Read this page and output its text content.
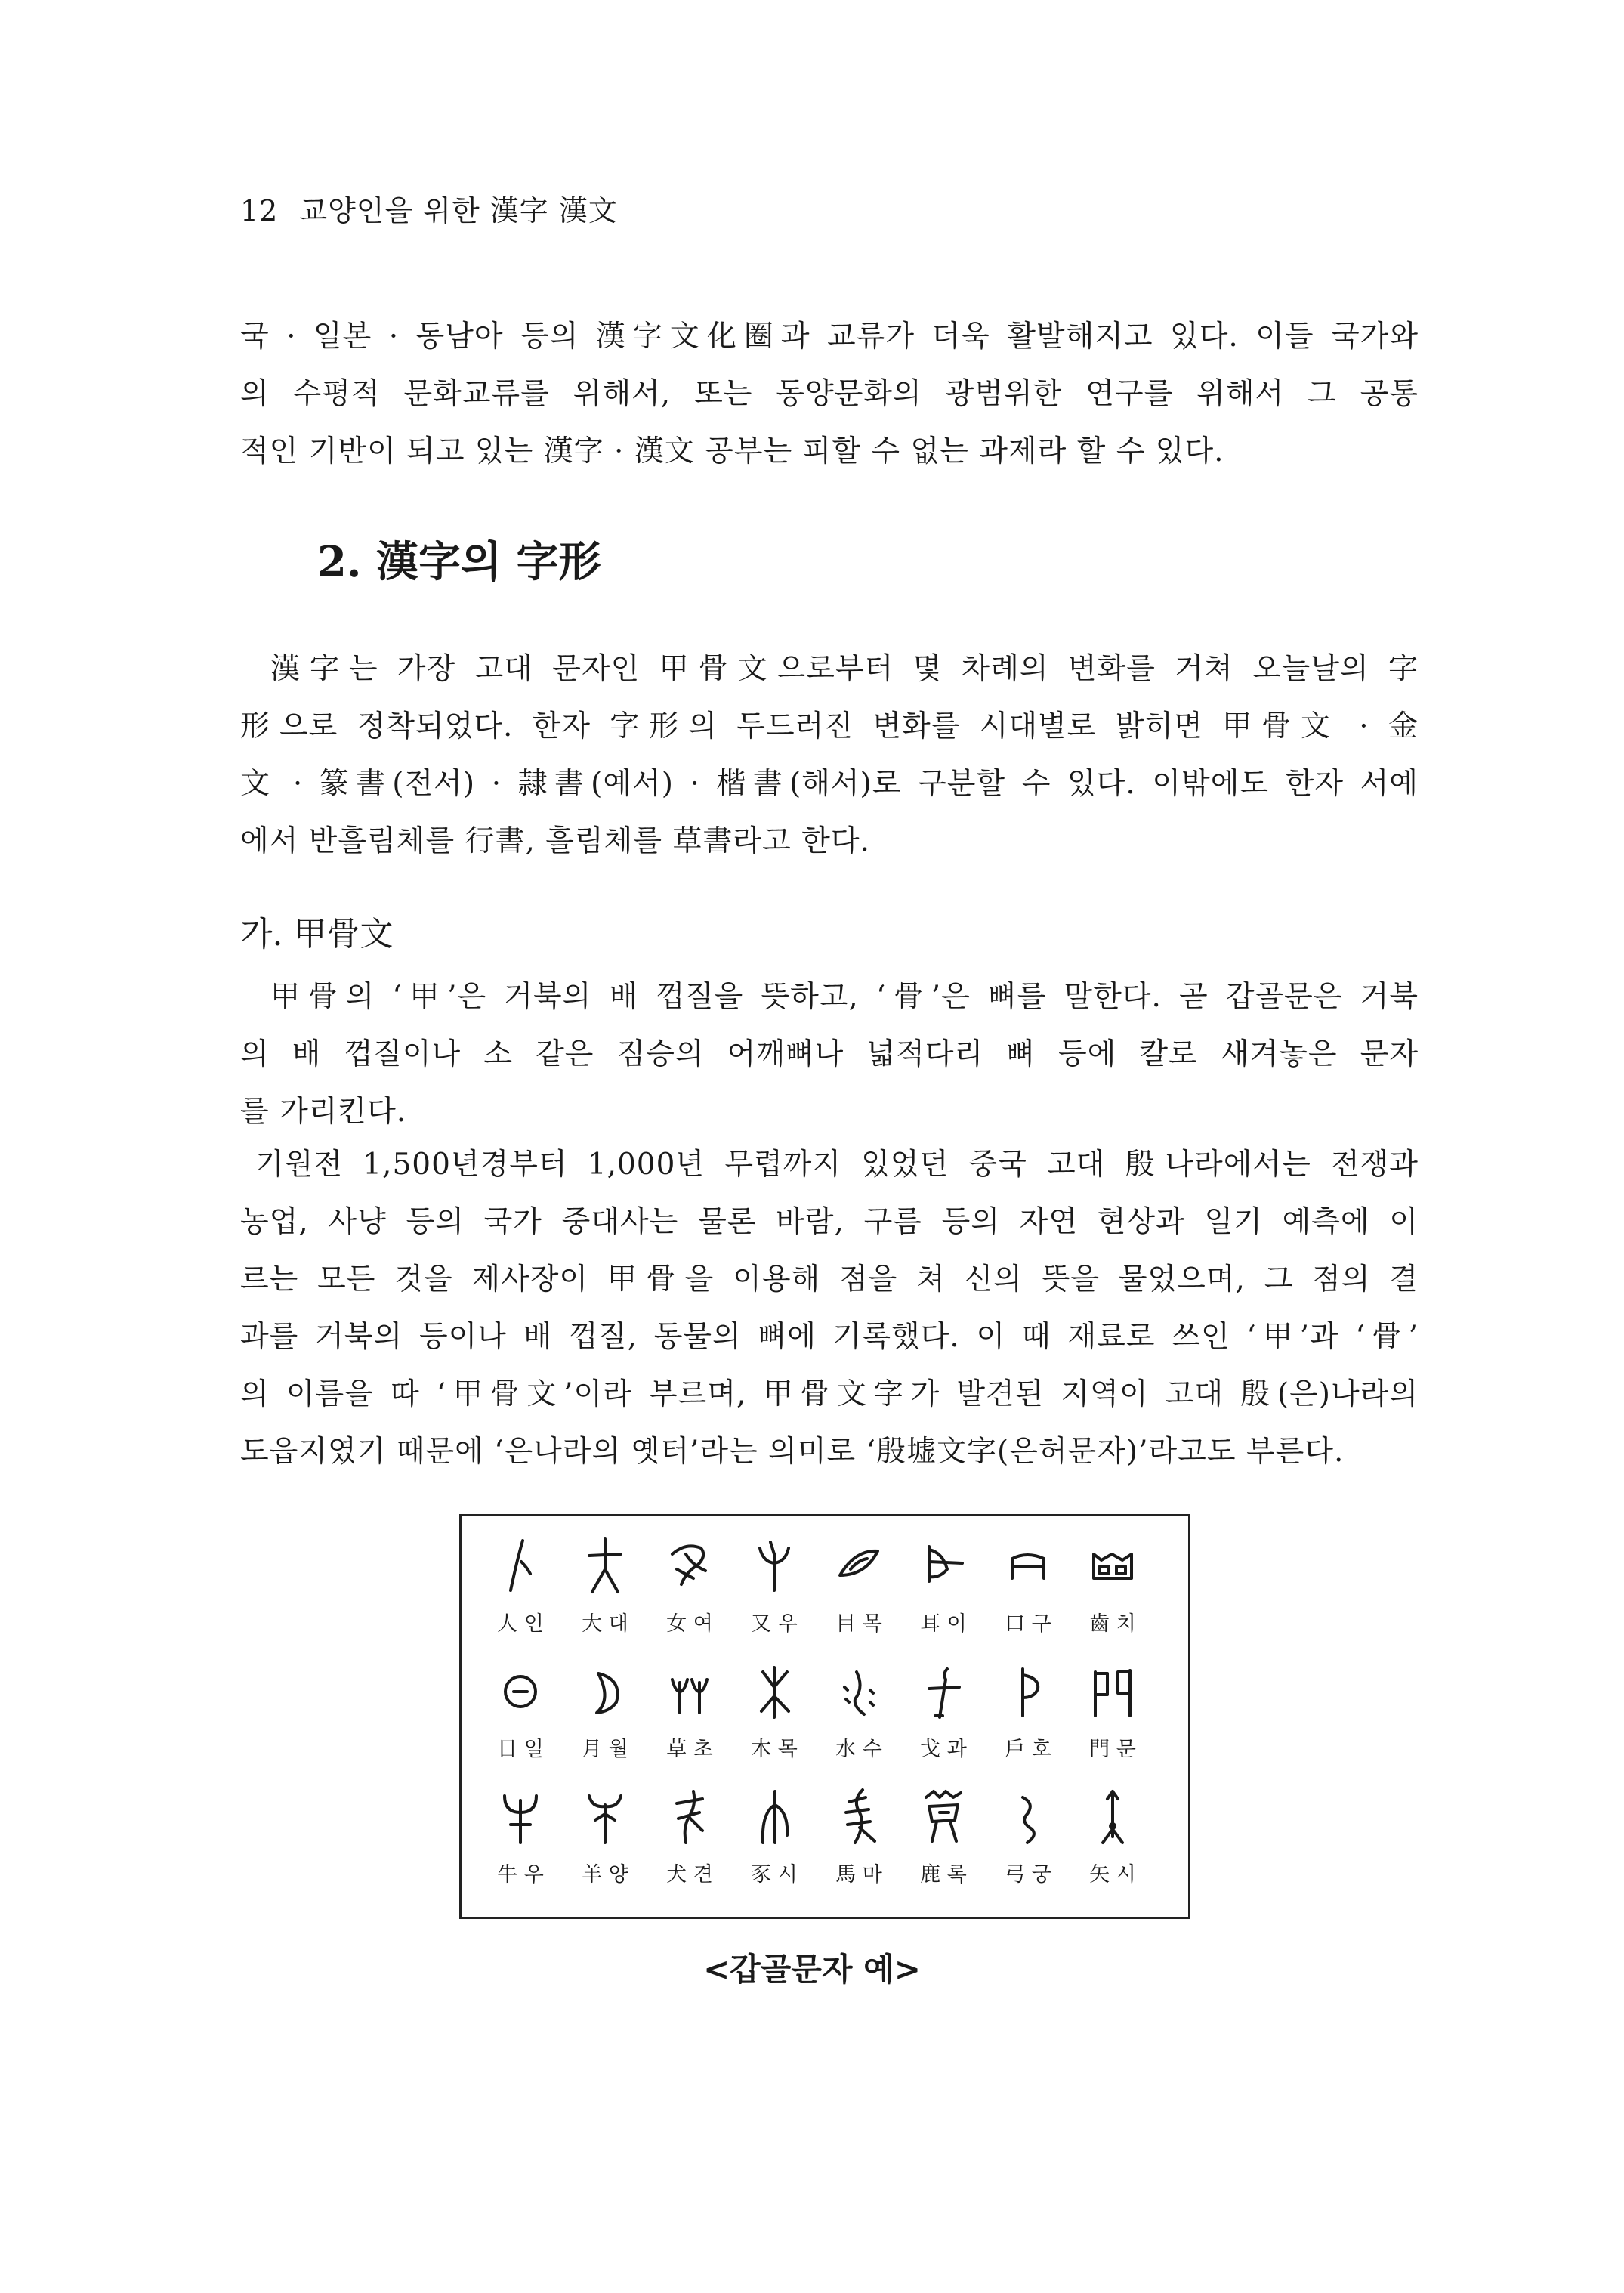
12 교양인을 위한 漢字 漢文
국 · 일본 · 동남아 등의 漢字文化圈과 교류가 더욱 활발해지고 있다. 이들 국가와
의 수평적 문화교류를 위해서, 또는 동양문화의 광범위한 연구를 위해서 그 공통
적인 기반이 되고 있는 漢字 · 漢文 공부는 피할 수 없는 과제라 할 수 있다.
2. 漢字의 字形
漢字는 가장 고대 문자인 甲骨文으로부터 몇 차례의 변화를 거쳐 오늘날의 字
形으로 정착되었다. 한자 字形의 두드러진 변화를 시대별로 밝히면 甲骨文 · 金
文 · 篆書(전서) · 隷書(예서) · 楷書(해서)로 구분할 수 있다. 이밖에도 한자 서예
에서 반흘림체를 行書, 흘림체를 草書라고 한다.
가. 甲骨文
甲骨의 ‘甲’은 거북의 배 껍질을 뜻하고, ‘骨’은 뼈를 말한다. 곧 갑골문은 거북
의 배 껍질이나 소 같은 짐승의 어깨뼈나 넓적다리 뼈 등에 칼로 새겨놓은 문자
를 가리킨다.
기원전 1,500년경부터 1,000년 무렵까지 있었던 중국 고대 殷나라에서는 전쟁과
농업, 사냥 등의 국가 중대사는 물론 바람, 구름 등의 자연 현상과 일기 예측에 이
르는 모든 것을 제사장이 甲骨을 이용해 점을 쳐 신의 뜻을 물었으며, 그 점의 결
과를 거북의 등이나 배 껍질, 동물의 뼈에 기록했다. 이 때 재료로 쓰인 ‘甲’과 ‘骨’
의 이름을 따 ‘甲骨文’이라 부르며, 甲骨文字가 발견된 지역이 고대 殷(은)나라의
도읍지였기 때문에 ‘은나라의 옛터’라는 의미로 ‘殷墟文字(은허문자)’라고도 부른다.
人 인 大 대 女 여 又 우 目 목 耳 이 口 구 齒 치
日 일 月 월 草 초 木 목 水 수 戈 과 戶 호 門 문
牛 우 羊 양 犬 견 豕 시 馬 마 鹿 록 弓 궁 矢 시
<갑골문자 예>
